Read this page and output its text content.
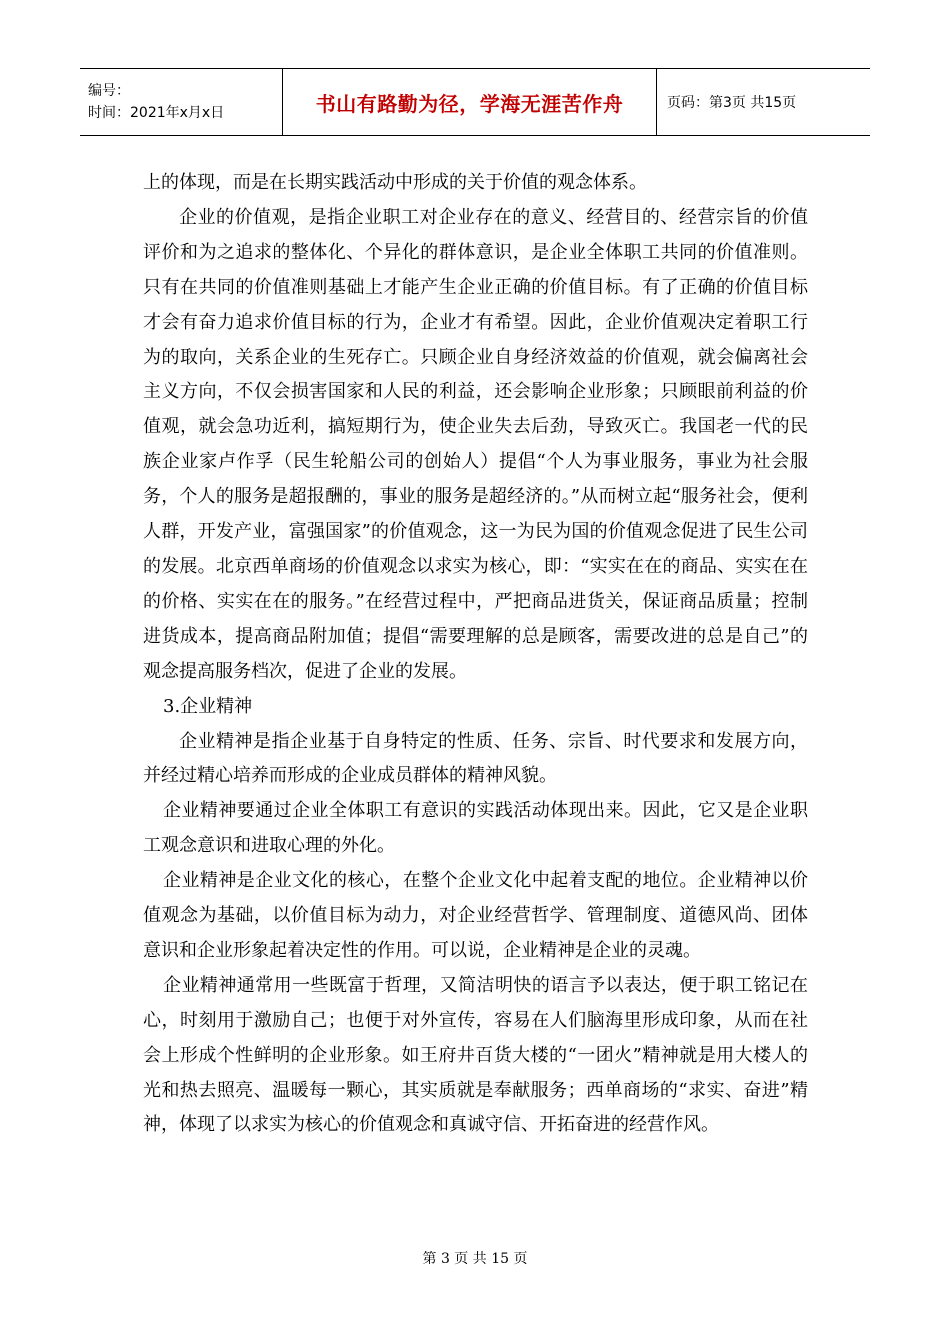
编号：
时间：2021年x月x日	书山有路勤为径，学海无涯苦作舟	页码：第3页 共15页

上的体现，而是在长期实践活动中形成的关于价值的观念体系。

企业的价值观，是指企业职工对企业存在的意义、经营目的、经营宗旨的价值评价和为之追求的整体化、个异化的群体意识，是企业全体职工共同的价值准则。只有在共同的价值准则基础上才能产生企业正确的价值目标。有了正确的价值目标才会有奋力追求价值目标的行为，企业才有希望。因此，企业价值观决定着职工行为的取向，关系企业的生死存亡。只顾企业自身经济效益的价值观，就会偏离社会主义方向，不仅会损害国家和人民的利益，还会影响企业形象；只顾眼前利益的价值观，就会急功近利，搞短期行为，使企业失去后劲，导致灭亡。我国老一代的民族企业家卢作孚（民生轮船公司的创始人）提倡“个人为事业服务，事业为社会服务，个人的服务是超报酬的，事业的服务是超经济的。”从而树立起“服务社会，便利人群，开发产业，富强国家”的价值观念，这一为民为国的价值观念促进了民生公司的发展。北京西单商场的价值观念以求实为核心，即：“实实在在的商品、实实在在的价格、实实在在的服务。”在经营过程中，严把商品进货关，保证商品质量；控制进货成本，提高商品附加值；提倡“需要理解的总是顾客，需要改进的总是自己”的观念提高服务档次，促进了企业的发展。

3.企业精神

企业精神是指企业基于自身特定的性质、任务、宗旨、时代要求和发展方向，并经过精心培养而形成的企业成员群体的精神风貌。

企业精神要通过企业全体职工有意识的实践活动体现出来。因此，它又是企业职工观念意识和进取心理的外化。

企业精神是企业文化的核心，在整个企业文化中起着支配的地位。企业精神以价值观念为基础，以价值目标为动力，对企业经营哲学、管理制度、道德风尚、团体意识和企业形象起着决定性的作用。可以说，企业精神是企业的灵魂。

企业精神通常用一些既富于哲理，又简洁明快的语言予以表达，便于职工铭记在心，时刻用于激励自己；也便于对外宣传，容易在人们脑海里形成印象，从而在社会上形成个性鲜明的企业形象。如王府井百货大楼的“一团火”精神就是用大楼人的光和热去照亮、温暖每一颗心，其实质就是奉献服务；西单商场的“求实、奋进”精神，体现了以求实为核心的价值观念和真诚守信、开拓奋进的经营作风。

第 3 页 共 15 页
